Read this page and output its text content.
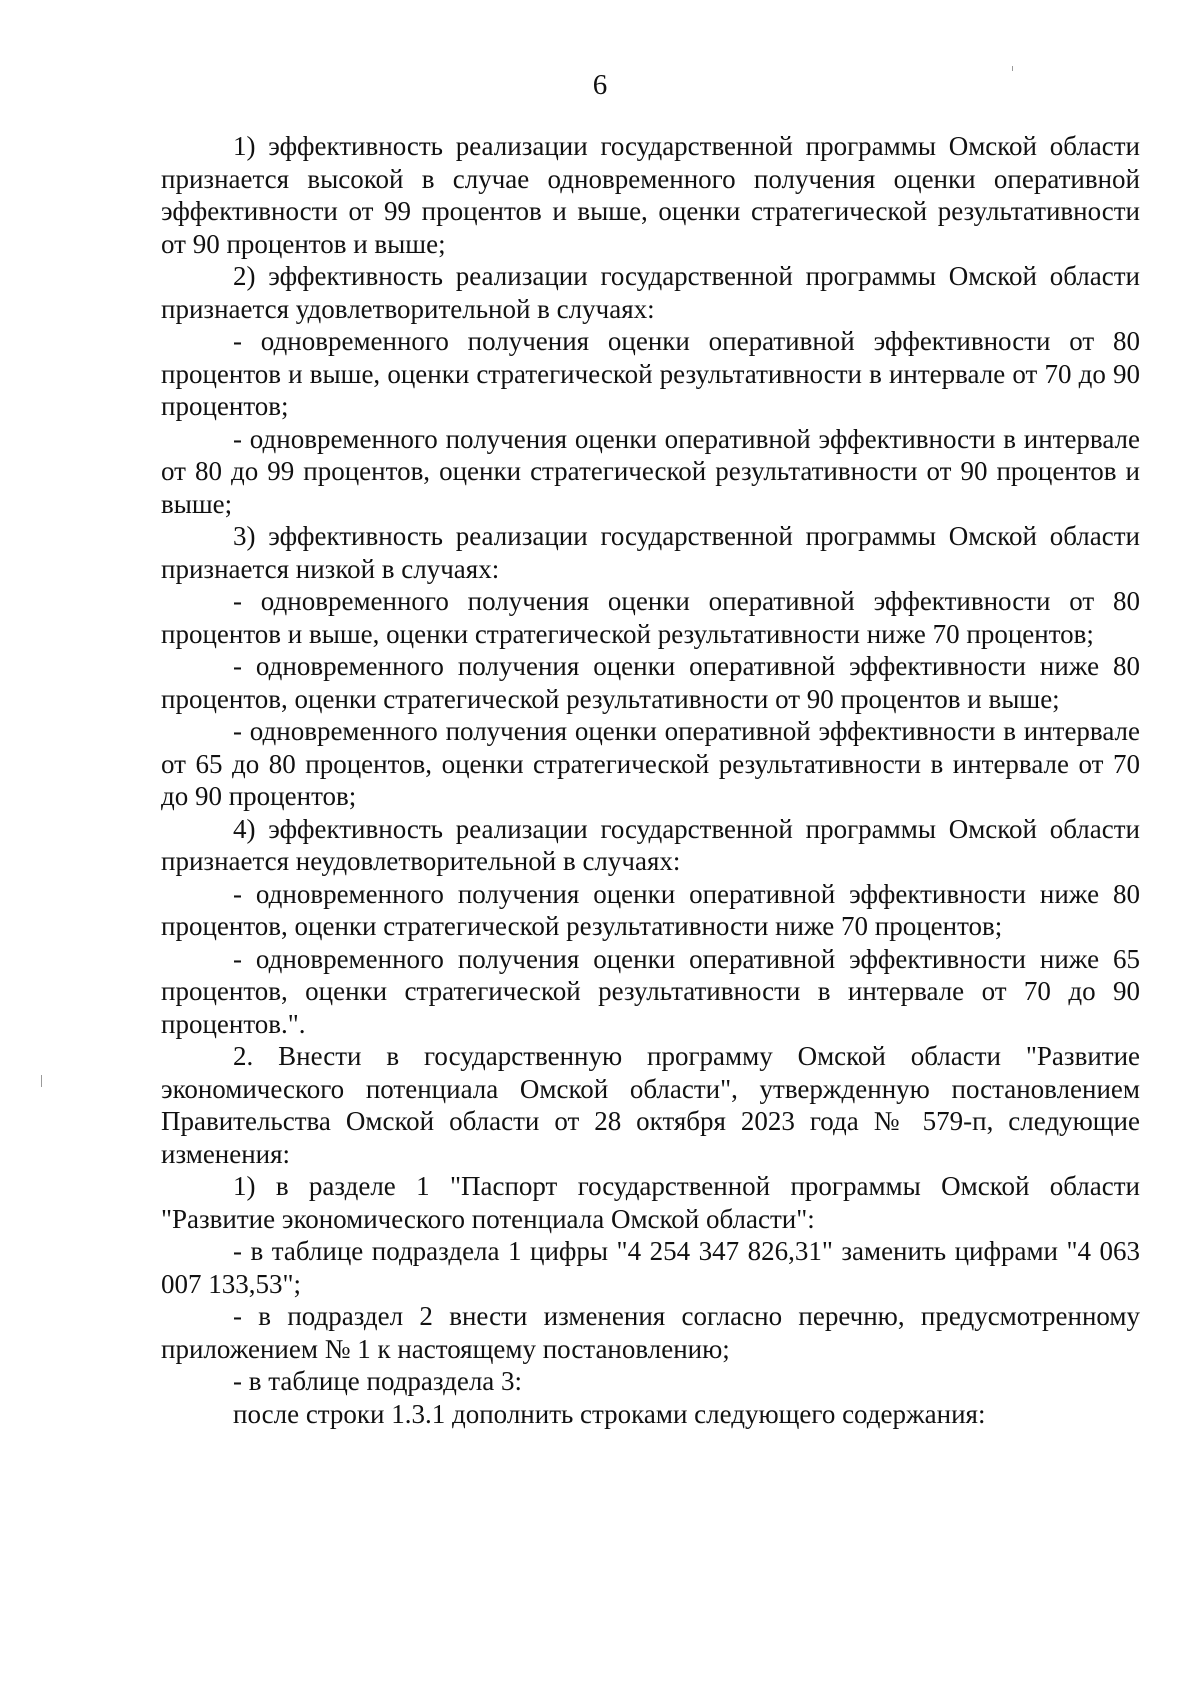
6

1) эффективность реализации государственной программы Омской области признается высокой в случае одновременного получения оценки оперативной эффективности от 99 процентов и выше, оценки стратегической результативности от 90 процентов и выше;

2) эффективность реализации государственной программы Омской области признается удовлетворительной в случаях:

- одновременного получения оценки оперативной эффективности от 80 процентов и выше, оценки стратегической результативности в интервале от 70 до 90 процентов;

- одновременного получения оценки оперативной эффективности в интервале от 80 до 99 процентов, оценки стратегической результативности от 90 процентов и выше;

3) эффективность реализации государственной программы Омской области признается низкой в случаях:

- одновременного получения оценки оперативной эффективности от 80 процентов и выше, оценки стратегической результативности ниже 70 процентов;

- одновременного получения оценки оперативной эффективности ниже 80 процентов, оценки стратегической результативности от 90 процентов и выше;

- одновременного получения оценки оперативной эффективности в интервале от 65 до 80 процентов, оценки стратегической результативности в интервале от 70 до 90 процентов;

4) эффективность реализации государственной программы Омской области признается неудовлетворительной в случаях:

- одновременного получения оценки оперативной эффективности ниже 80 процентов, оценки стратегической результативности ниже 70 процентов;

- одновременного получения оценки оперативной эффективности ниже 65 процентов, оценки стратегической результативности в интервале от 70 до 90 процентов.".

2. Внести в государственную программу Омской области "Развитие экономического потенциала Омской области", утвержденную постановлением Правительства Омской области от 28 октября 2023 года № 579-п, следующие изменения:

1) в разделе 1 "Паспорт государственной программы Омской области "Развитие экономического потенциала Омской области":

- в таблице подраздела 1 цифры "4 254 347 826,31" заменить цифрами "4 063 007 133,53";

- в подраздел 2 внести изменения согласно перечню, предусмотренному приложением № 1 к настоящему постановлению;

- в таблице подраздела 3:

после строки 1.3.1 дополнить строками следующего содержания:
